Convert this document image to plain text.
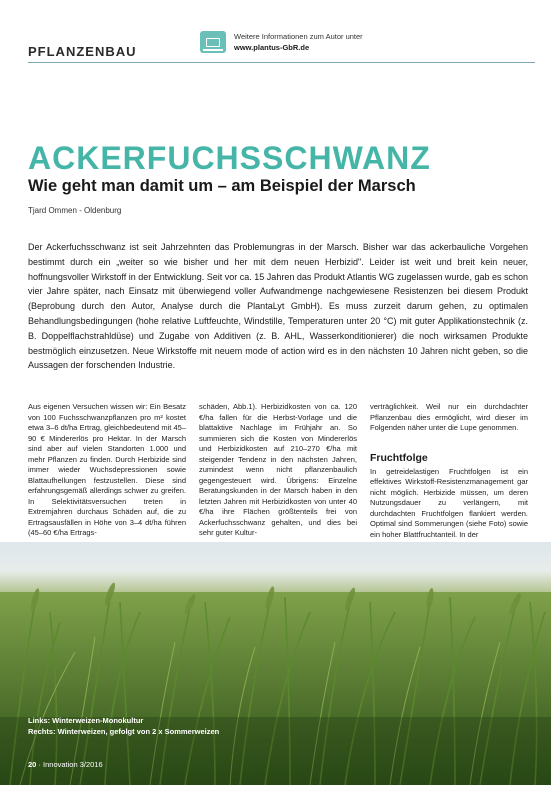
PFLANZENBAU
Weitere Informationen zum Autor unter
www.plantus-GbR.de
ACKERFUCHSSCHWANZ
Wie geht man damit um – am Beispiel der Marsch
Tjard Ommen - Oldenburg

Der Ackerfuchsschwanz ist seit Jahrzehnten das Problemungras in der Marsch. Bisher war das ackerbauliche Vorgehen bestimmt durch ein „weiter so wie bisher und her mit dem neuen Herbizid". Leider ist weit und breit kein neuer, hoffnungsvoller Wirkstoff in der Entwicklung. Seit vor ca. 15 Jahren das Produkt Atlantis WG zugelassen wurde, gab es schon vier Jahre später, nach Einsatz mit überwiegend voller Aufwandmenge nachgewiesene Resistenzen bei diesem Produkt (Beprobung durch den Autor, Analyse durch die PlantaLyt GmbH). Es muss zurzeit darum gehen, zu optimalen Behandlungsbedingungen (hohe relative Luftfeuchte, Windstille, Temperaturen unter 20 °C) mit guter Applikationstechnik (z. B. Doppelflachstrahldüse) und Zugabe von Additiven (z. B. AHL, Wasserkonditionierer) die noch wirksamen Produkte bestmöglich einzusetzen. Neue Wirkstoffe mit neuem mode of action wird es in den nächsten 10 Jahren nicht geben, so die Aussagen der forschenden Industrie.

Aus eigenen Versuchen wissen wir: Ein Besatz von 100 Fuchsschwanzpflanzen pro m² kostet etwa 3–6 dt/ha Ertrag, gleichbedeutend mit 45–90 € Mindererlös pro Hektar. In der Marsch sind aber auf vielen Standorten 1.000 und mehr Pflanzen zu finden. Durch Herbizide sind immer wieder Wuchsdepressionen sowie Blattaufhellungen festzustellen. Diese sind erfahrungsgemäß allerdings schwer zu greifen. In Selektivitätsversuchen treten in Extremjahren durchaus Schäden auf, die zu Ertragsausfällen in Höhe von 3–4 dt/ha führen (45–60 €/ha Ertrags-

schäden, Abb.1). Herbizidkosten von ca. 120 €/ha fallen für die Herbst-Vorlage und die blattaktive Nachlage im Frühjahr an. So summieren sich die Kosten von Mindererlös und Herbizidkosten auf 210–270 €/ha mit steigender Tendenz in den nächsten Jahren, zumindest wenn nicht pflanzenbaulich gegengesteuert wird. Übrigens: Einzelne Beratungskunden in der Marsch haben in den letzten Jahren mit Herbizidkosten von unter 40 €/ha ihre Flächen größtenteils frei von Ackerfuchsschwanz gehalten, und dies bei sehr guter Kultur-

verträglichkeit. Weil nur ein durchdachter Pflanzenbau dies ermöglicht, wird dieser im Folgenden näher unter die Lupe genommen.

Fruchtfolge

In getreidelastigen Fruchtfolgen ist ein effektives Wirkstoff-Resistenzmanagement gar nicht möglich. Herbizide müssen, um deren Nutzungsdauer zu verlängern, mit durchdachten Fruchtfolgen flankiert werden. Optimal sind Sommerungen (siehe Foto) sowie ein hoher Blattfruchtanteil. In der

Links: Winterweizen-Monokultur
Rechts: Winterweizen, gefolgt von 2 x Sommerweizen
20 · Innovation 3/2016
